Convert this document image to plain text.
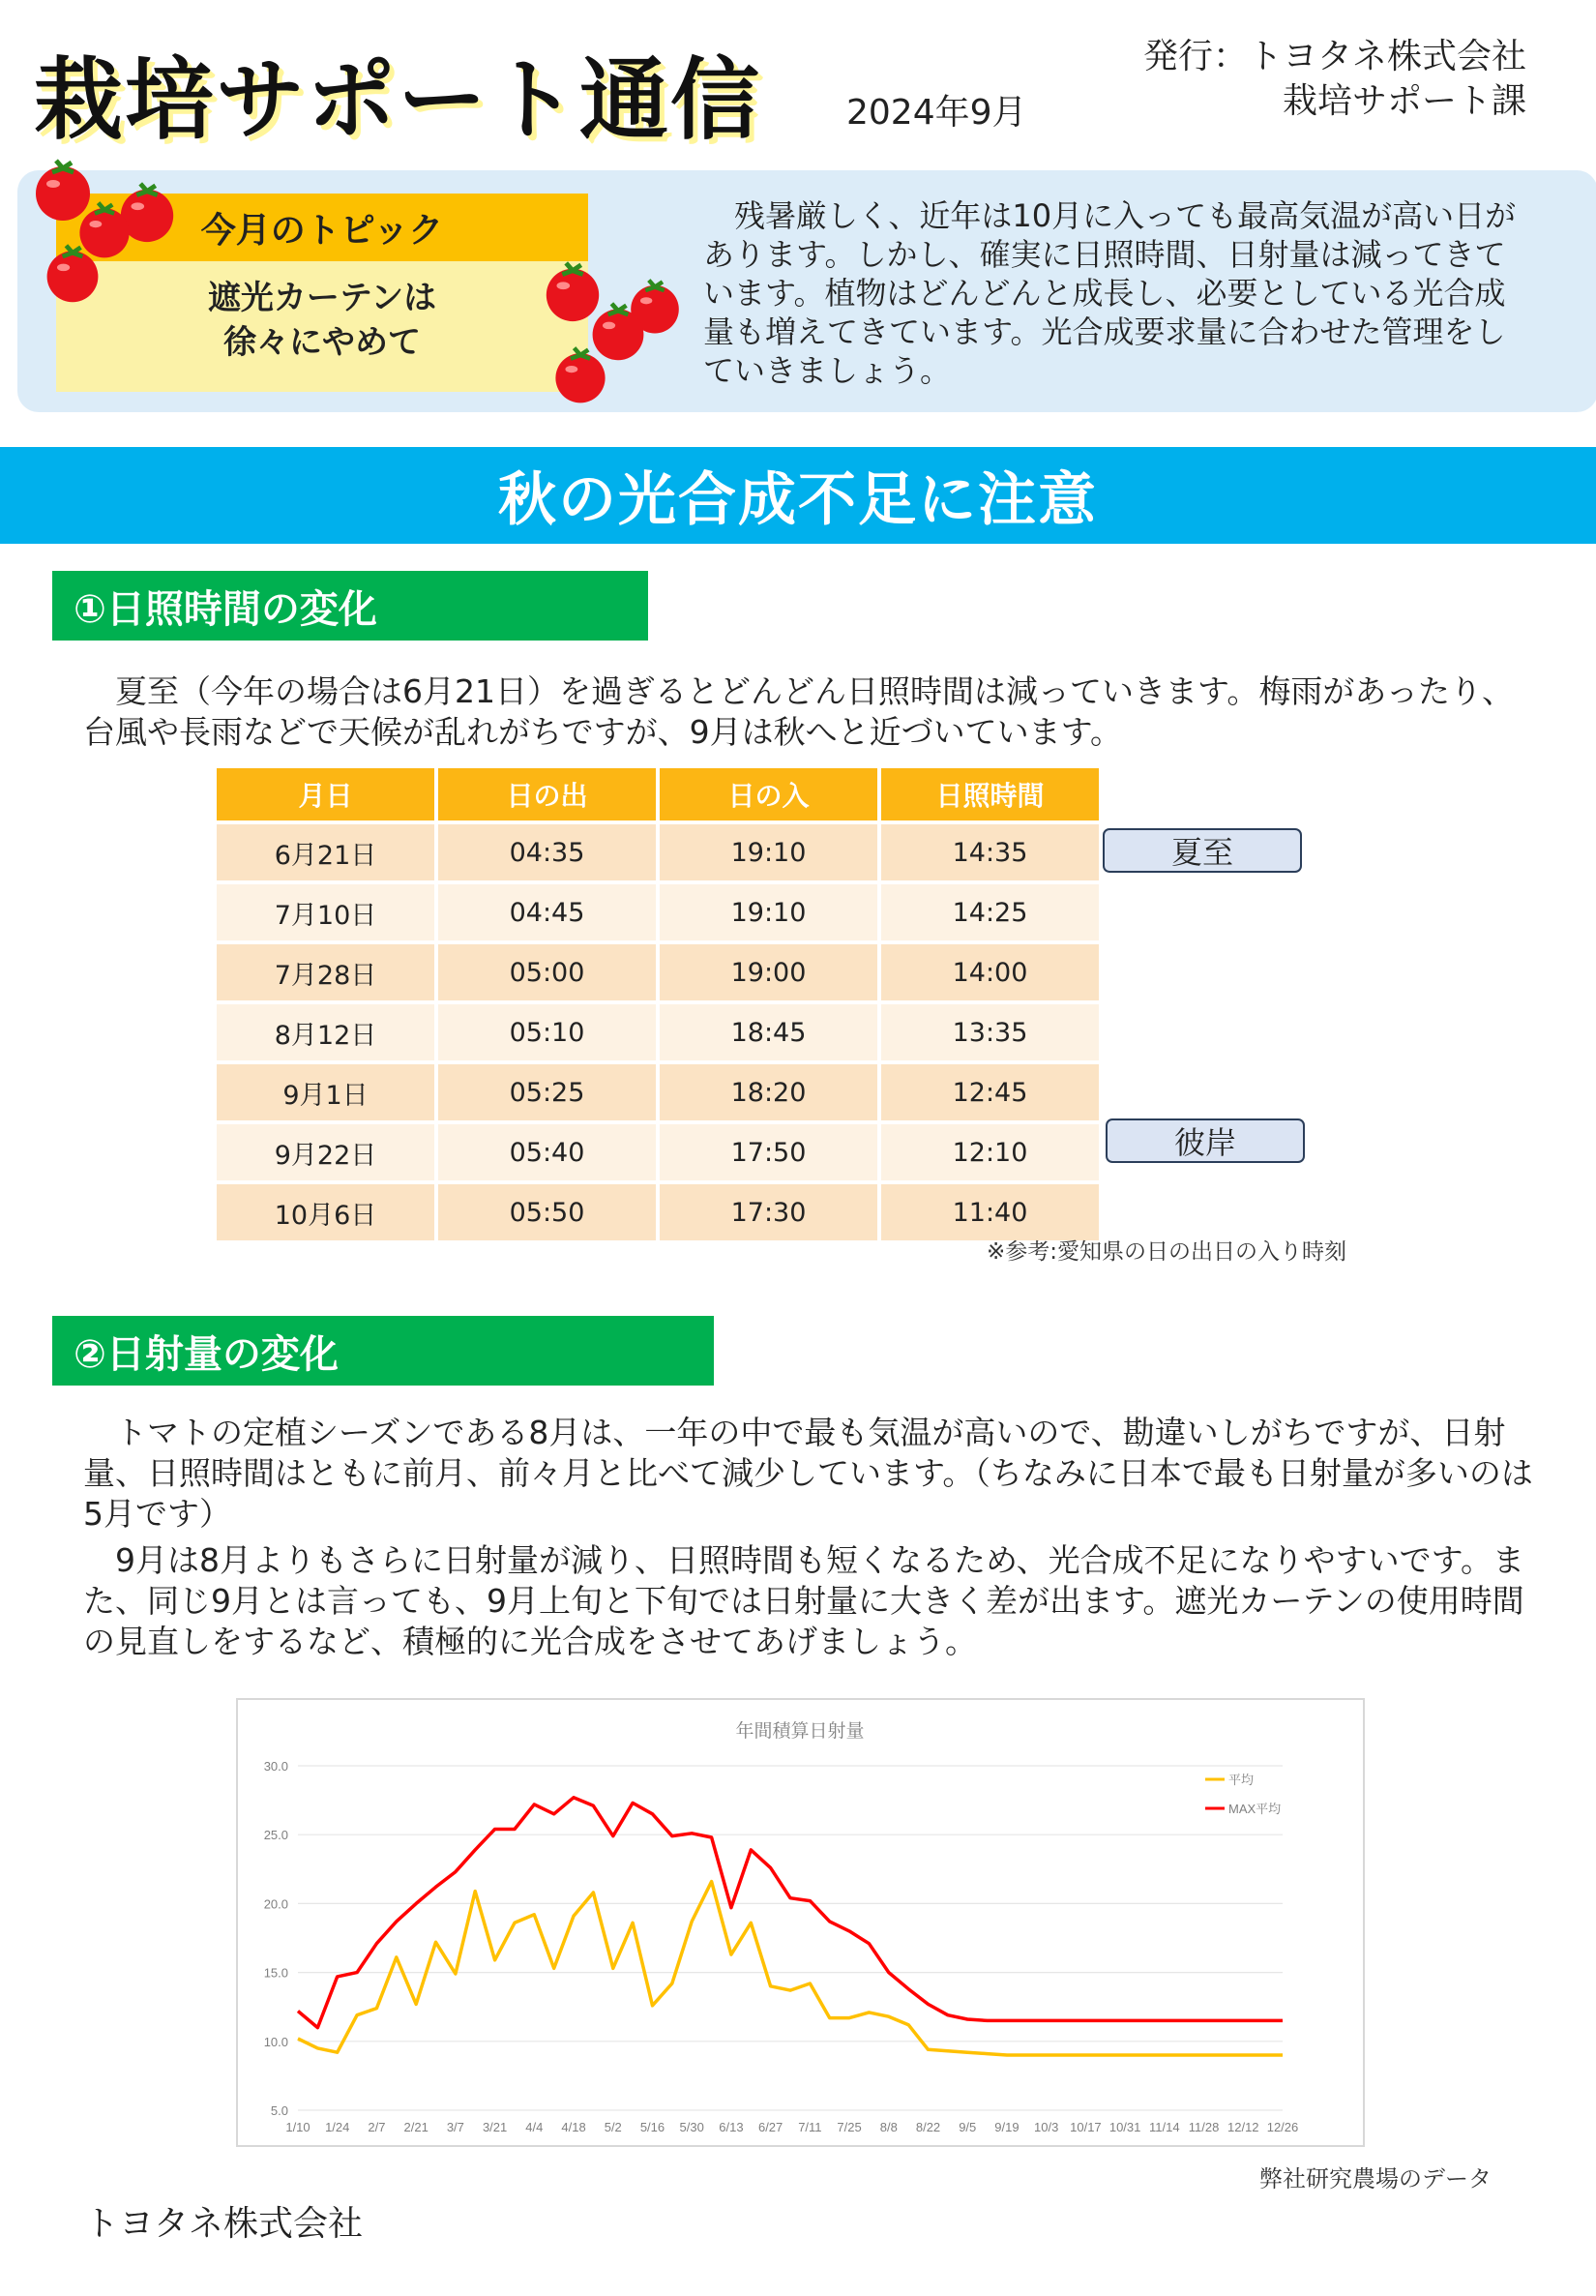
栽培サポート通信 2024年9月
発行：トヨタネ株式会社
栽培サポート課
今月のトピック
遮光カーテンは
徐々にやめて
残暑厳しく、近年は10月に入っても最高気温が高い日があります。しかし、確実に日照時間、日射量は減ってきています。植物はどんどんと成長し、必要としている光合成量も増えてきています。光合成要求量に合わせた管理をしていきましょう。
秋の光合成不足に注意
①日照時間の変化
夏至（今年の場合は6月21日）を過ぎるとどんどん日照時間は減っていきます。梅雨があったり、台風や長雨などで天候が乱れがちですが、9月は秋へと近づいています。
月日	日の出	日の入	日照時間
6月21日	04:35	19:10	14:35
7月10日	04:45	19:10	14:25
7月28日	05:00	19:00	14:00
8月12日	05:10	18:45	13:35
9月1日	05:25	18:20	12:45
9月22日	05:40	17:50	12:10
10月6日	05:50	17:30	11:40
夏至
彼岸
※参考:愛知県の日の出日の入り時刻
②日射量の変化
トマトの定植シーズンである8月は、一年の中で最も気温が高いので、勘違いしがちですが、日射量、日照時間はともに前月、前々月と比べて減少しています。（ちなみに日本で最も日射量が多いのは5月です）
9月は8月よりもさらに日射量が減り、日照時間も短くなるため、光合成不足になりやすいです。また、同じ9月とは言っても、9月上旬と下旬では日射量に大きく差が出ます。遮光カーテンの使用時間の見直しをするなど、積極的に光合成をさせてあげましょう。
年間積算日射量
30.0
25.0
20.0
15.0
10.0
5.0
1/10 1/24 2/7 2/21 3/7 3/21 4/4 4/18 5/2 5/16 5/30 6/13 6/27 7/11 7/25 8/8 8/22 9/5 9/19 10/3 10/17 10/31 11/14 11/28 12/12 12/26
平均
MAX平均
弊社研究農場のデータ
トヨタネ株式会社
